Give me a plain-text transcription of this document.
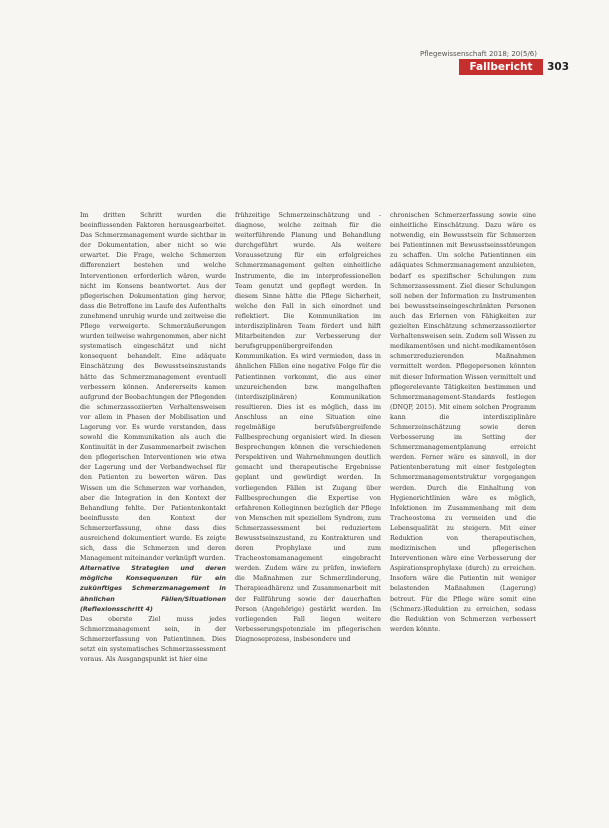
Pflegewissenschaft 2018; 20(5/6)
Fallbericht	303

Im dritten Schritt wurden die beeinflussenden Faktoren herausgearbeitet. Das Schmerzmanagement wurde sichtbar in der Dokumentation, aber nicht so wie erwartet. Die Frage, welche Schmerzen differenziert bestehen und welche Interventionen erforderlich wären, wurde nicht im Konsens beantwortet. Aus der pflegerischen Dokumentation ging hervor, dass die Betroffene im Laufe des Aufenthalts zunehmend unruhig wurde und zeitweise die Pflege verweigerte. Schmerzäußerungen wurden teilweise wahrgenommen, aber nicht systematisch eingeschätzt und nicht konsequent behandelt. Eine adäquate Einschätzung des Bewusstseinszustands hätte das Schmerzmanagement eventuell verbessern können. Andererseits kamen aufgrund der Beobachtungen der Pflegenden die schmerzassoziierten Verhaltensweisen vor allem in Phasen der Mobilisation und Lagerung vor. Es wurde verstanden, dass sowohl die Kommunikation als auch die Kontinuität in der Zusammenarbeit zwischen den pflegerischen Interventionen wie etwa der Lagerung und der Verbandwechsel für den Patienten zu bewerten wären. Das Wissen um die Schmerzen war vorhanden, aber die Integration in den Kontext der Behandlung fehlte. Der Patientenkontakt beeinflusste den Kontext der Schmerzerfassung, ohne dass dies ausreichend dokumentiert wurde. Es zeigte sich, dass die Schmerzen und deren Management miteinander verknüpft wurden.

Alternative Strategien und deren mögliche Konsequenzen für ein zukünftiges Schmerzmanagement in ähnlichen Fällen/Situationen (Reflexionsschritt 4)

Das oberste Ziel muss jedes Schmerzmanagement sein, in der Schmerzerfassung von Patientinnen. Dies setzt ein systematisches Schmerzassessment voraus. Als Ausgangspunkt ist hier eine

frühzeitige Schmerzeinschätzung und -diagnose, welche zeitnah für die weiterführende Planung und Behandlung durchgeführt wurde. Als weitere Voraussetzung für ein erfolgreiches Schmerzmanagement gelten einheitliche Instrumente, die im interprofessionellen Team genutzt und gepflegt werden. In diesem Sinne hätte die Pflege Sicherheit, welche den Fall in sich einordnet und reflektiert. Die Kommunikation im interdisziplinären Team fördert und hilft Mitarbeitenden zur Verbesserung der berufsgruppenübergreifenden Kommunikation. Es wird vermieden, dass in ähnlichen Fällen eine negative Folge für die Patientinnen vorkommt, die aus einer unzureichenden bzw. mangelhaften (interdisziplinären) Kommunikation resultieren. Dies ist es möglich, dass im Anschluss an eine Situation eine regelmäßige berufsübergreifende Fallbesprechung organisiert wird. In diesen Besprechungen können die verschiedenen Perspektiven und Wahrnehmungen deutlich gemacht und therapeutische Ergebnisse geplant und gewürdigt werden. In vorliegenden Fällen ist Zugang über Fallbesprechungen die Expertise von erfahrenen Kolleginnen bezüglich der Pflege von Menschen mit speziellem Syndrom, zum Schmerzassessment bei reduziertem Bewusstseinszustand, zu Kontrakturen und deren Prophylaxe und zum Tracheostomamanagement eingebracht werden. Zudem wäre zu prüfen, inwiefern die Maßnahmen zur Schmerzlinderung, Therapieadhärenz und Zusammenarbeit mit der Fallführung sowie der dauerhaften Person (Angehörige) gestärkt werden. Im vorliegenden Fall liegen weitere Verbesserungspotenziale im pflegerischen Diagnoseprozess, insbesondere und

chronischen Schmerzerfassung sowie eine einheitliche Einschätzung. Dazu wäre es notwendig, ein Bewusstsein für Schmerzen bei Patientinnen mit Bewusstseinsstörungen zu schaffen. Um solche Patientinnen ein adäquates Schmerzmanagement anzubieten, bedarf es spezifischer Schulungen zum Schmerzassessment. Ziel dieser Schulungen soll neben der Information zu Instrumenten bei bewusstseinseingeschränkten Personen auch das Erlernen von Fähigkeiten zur gezielten Einschätzung schmerzassoziierter Verhaltensweisen sein. Zudem soll Wissen zu medikamentösen und nicht-medikamentösen schmerzreduzierenden Maßnahmen vermittelt werden. Pflegepersonen könnten mit dieser Information Wissen vermittelt und pflegerelevante Tätigkeiten bestimmen und Schmerzmanagement-Standards festlegen (DNQP, 2015). Mit einem solchen Programm kann die interdisziplinäre Schmerzeinschätzung sowie deren Verbesserung im Setting der Schmerzmanagementplanung erreicht werden. Ferner wäre es sinnvoll, in der Patientenberatung mit einer festgelegten Schmerzmanagementstruktur vorgegangen werden. Durch die Einhaltung von Hygienerichtlinien wäre es möglich, Infektionen im Zusammenhang mit dem Tracheostoma zu vermeiden und die Lebensqualität zu steigern. Mit einer Reduktion von therapeutischen, medizinischen und pflegerischen Interventionen wäre eine Verbesserung der Aspirationsprophylaxe (durch) zu erreichen. Insofern wäre die Patientin mit weniger belastenden Maßnahmen (Lagerung) betreut. Für die Pflege wäre somit eine (Schmerz-)Reduktion zu erreichen, sodass die Reduktion von Schmerzen verbessert werden könnte.
